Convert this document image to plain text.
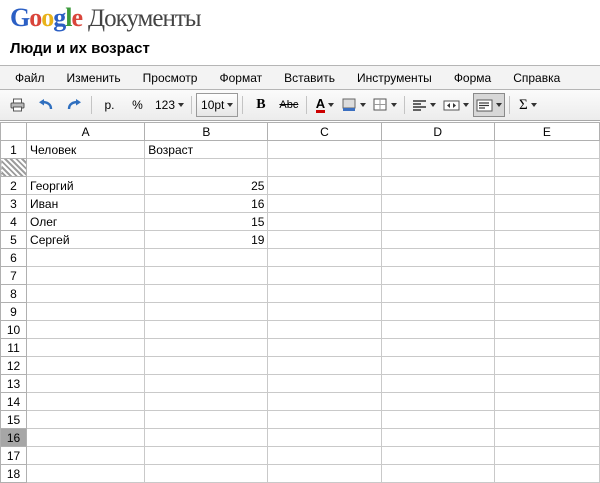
Google Документы
Люди и их возраст
Файл	Изменить	Просмотр	Формат	Вставить	Инструменты	Форма	Справка
р.	%	123 10pt B Abc A	Σ
	A	B	C	D	E
1	Человек	Возраст			

2	Георгий	25			
3	Иван	16			
4	Олег	15			
5	Сергей	19			
6					
7					
8					
9					
10					
11					
12					
13					
14					
15					
16					
17					
18					
